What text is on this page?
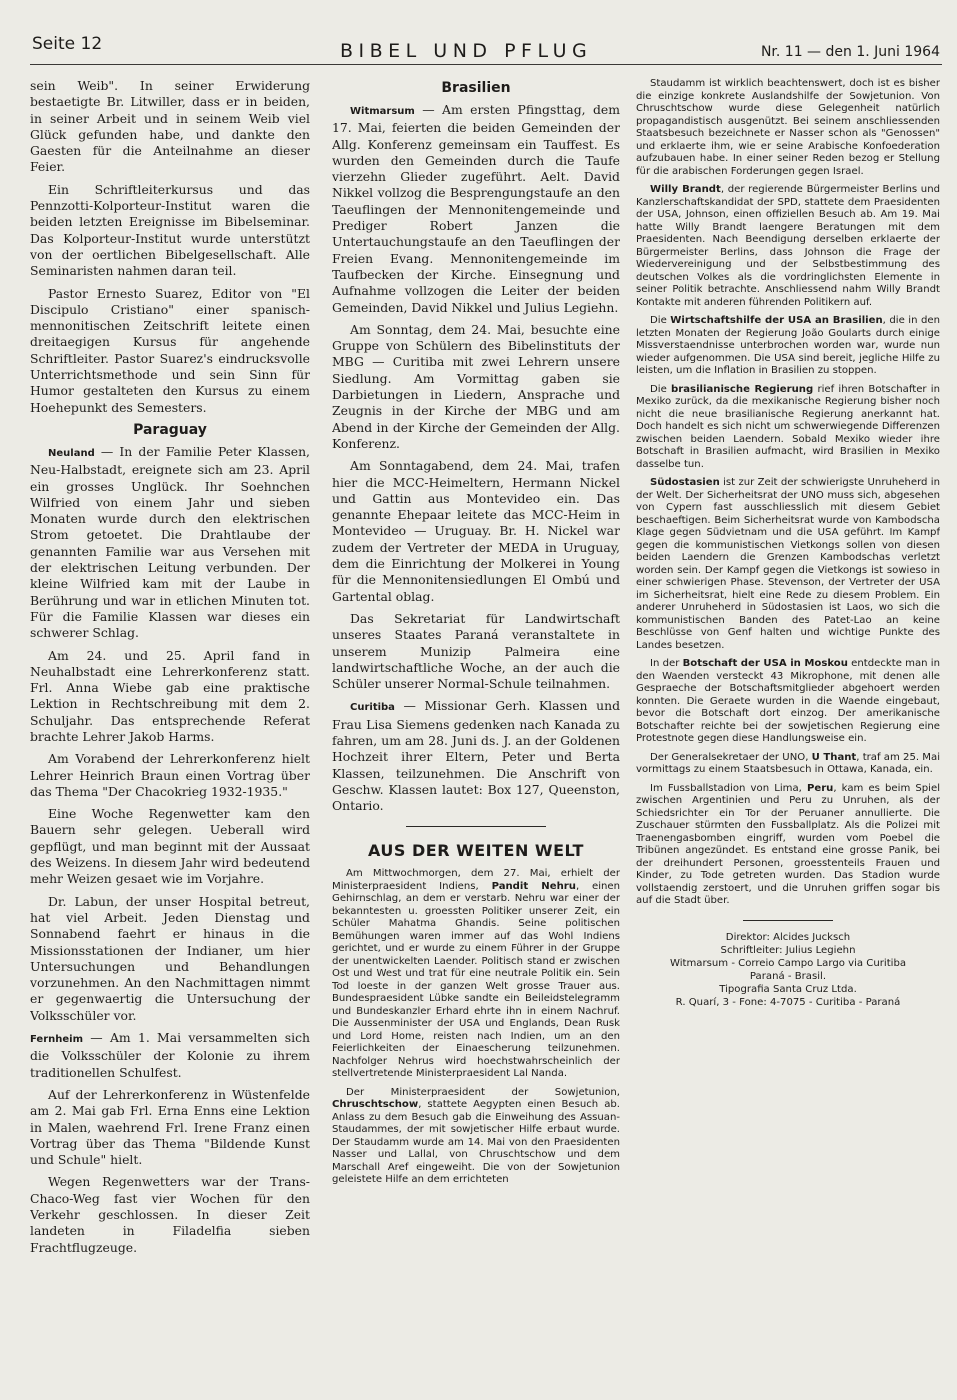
Seite 12	BIBEL UND PFLUG	Nr. 11 — den 1. Juni 1964

sein Weib". In seiner Erwiderung bestaetigte Br. Litwiller, dass er in beiden, in seiner Arbeit und in seinem Weib viel Glück gefunden habe, und dankte den Gaesten für die Anteilnahme an dieser Feier.

Ein Schriftleiterkursus und das Pennzotti-Kolporteur-Institut waren die beiden letzten Ereignisse im Bibelseminar. Das Kolporteur-Institut wurde unterstützt von der oertlichen Bibelgesellschaft. Alle Seminaristen nahmen daran teil.

Pastor Ernesto Suarez, Editor von "El Discipulo Cristiano" einer spanisch-mennonitischen Zeitschrift leitete einen dreitaegigen Kursus für angehende Schriftleiter. Pastor Suarez's eindrucksvolle Unterrichtsmethode und sein Sinn für Humor gestalteten den Kursus zu einem Hoehepunkt des Semesters.

Paraguay

Neuland — In der Familie Peter Klassen, Neu-Halbstadt, ereignete sich am 23. April ein grosses Unglück. Ihr Soehnchen Wilfried von einem Jahr und sieben Monaten wurde durch den elektrischen Strom getoetet. Die Drahtlaube der genannten Familie war aus Versehen mit der elektrischen Leitung verbunden. Der kleine Wilfried kam mit der Laube in Berührung und war in etlichen Minuten tot. Für die Familie Klassen war dieses ein schwerer Schlag.

Am 24. und 25. April fand in Neuhalbstadt eine Lehrerkonferenz statt. Frl. Anna Wiebe gab eine praktische Lektion in Rechtschreibung mit dem 2. Schuljahr. Das entsprechende Referat brachte Lehrer Jakob Harms.

Am Vorabend der Lehrerkonferenz hielt Lehrer Heinrich Braun einen Vortrag über das Thema "Der Chacokrieg 1932-1935."

Eine Woche Regenwetter kam den Bauern sehr gelegen. Ueberall wird gepflügt, und man beginnt mit der Aussaat des Weizens. In diesem Jahr wird bedeutend mehr Weizen gesaet wie im Vorjahre.

Dr. Labun, der unser Hospital betreut, hat viel Arbeit. Jeden Dienstag und Sonnabend faehrt er hinaus in die Missionsstationen der Indianer, um hier Untersuchungen und Behandlungen vorzunehmen. An den Nachmittagen nimmt er gegenwaertig die Untersuchung der Volksschüler vor.

Fernheim — Am 1. Mai versammelten sich die Volksschüler der Kolonie zu ihrem traditionellen Schulfest.

Auf der Lehrerkonferenz in Wüstenfelde am 2. Mai gab Frl. Erna Enns eine Lektion in Malen, waehrend Frl. Irene Franz einen Vortrag über das Thema "Bildende Kunst und Schule" hielt.

Wegen Regenwetters war der Trans-Chaco-Weg fast vier Wochen für den Verkehr geschlossen. In dieser Zeit landeten in Filadelfia sieben Frachtflugzeuge.

Brasilien

Witmarsum — Am ersten Pfingsttag, dem 17. Mai, feierten die beiden Gemeinden der Allg. Konferenz gemeinsam ein Tauffest. Es wurden den Gemeinden durch die Taufe vierzehn Glieder zugeführt. Aelt. David Nikkel vollzog die Besprengungstaufe an den Taeuflingen der Mennonitengemeinde und Prediger Robert Janzen die Untertauchungstaufe an den Taeuflingen der Freien Evang. Mennonitengemeinde im Taufbecken der Kirche. Einsegnung und Aufnahme vollzogen die Leiter der beiden Gemeinden, David Nikkel und Julius Legiehn.

Am Sonntag, dem 24. Mai, besuchte eine Gruppe von Schülern des Bibelinstituts der MBG — Curitiba mit zwei Lehrern unsere Siedlung. Am Vormittag gaben sie Darbietungen in Liedern, Ansprache und Zeugnis in der Kirche der MBG und am Abend in der Kirche der Gemeinden der Allg. Konferenz.

Am Sonntagabend, dem 24. Mai, trafen hier die MCC-Heimeltern, Hermann Nickel und Gattin aus Montevideo ein. Das genannte Ehepaar leitete das MCC-Heim in Montevideo — Uruguay. Br. H. Nickel war zudem der Vertreter der MEDA in Uruguay, dem die Einrichtung der Molkerei in Young für die Mennonitensiedlungen El Ombú und Gartental oblag.

Das Sekretariat für Landwirtschaft unseres Staates Paraná veranstaltete in unserem Munizip Palmeira eine landwirtschaftliche Woche, an der auch die Schüler unserer Normal-Schule teilnahmen.

Curitiba — Missionar Gerh. Klassen und Frau Lisa Siemens gedenken nach Kanada zu fahren, um am 28. Juni ds. J. an der Goldenen Hochzeit ihrer Eltern, Peter und Berta Klassen, teilzunehmen. Die Anschrift von Geschw. Klassen lautet: Box 127, Queenston, Ontario.

AUS DER WEITEN WELT

Am Mittwochmorgen, dem 27. Mai, erhielt der Ministerpraesident Indiens, Pandit Nehru, einen Gehirnschlag, an dem er verstarb. Nehru war einer der bekanntesten u. groessten Politiker unserer Zeit, ein Schüler Mahatma Ghandis. Seine politischen Bemühungen waren immer auf das Wohl Indiens gerichtet, und er wurde zu einem Führer in der Gruppe der unentwickelten Laender. Politisch stand er zwischen Ost und West und trat für eine neutrale Politik ein. Sein Tod loeste in der ganzen Welt grosse Trauer aus. Bundespraesident Lübke sandte ein Beileidstelegramm und Bundeskanzler Erhard ehrte ihn in einem Nachruf. Die Aussenminister der USA und Englands, Dean Rusk und Lord Home, reisten nach Indien, um an den Feierlichkeiten der Einaescherung teilzunehmen. Nachfolger Nehrus wird hoechstwahrscheinlich der stellvertretende Ministerpraesident Lal Nanda.

Der Ministerpraesident der Sowjetunion, Chruschtschow, stattete Aegypten einen Besuch ab. Anlass zu dem Besuch gab die Einweihung des Assuan-Staudammes, der mit sowjetischer Hilfe erbaut wurde. Der Staudamm wurde am 14. Mai von den Praesidenten Nasser und Lallal, von Chruschtschow und dem Marschall Aref eingeweiht. Die von der Sowjetunion geleistete Hilfe an dem errichteten

Staudamm ist wirklich beachtenswert, doch ist es bisher die einzige konkrete Auslandshilfe der Sowjetunion. Von Chruschtschow wurde diese Gelegenheit natürlich propagandistisch ausgenützt. Bei seinem anschliessenden Staatsbesuch bezeichnete er Nasser schon als "Genossen" und erklaerte ihm, wie er seine Arabische Konfoederation aufzubauen habe. In einer seiner Reden bezog er Stellung für die arabischen Forderungen gegen Israel.

Willy Brandt, der regierende Bürgermeister Berlins und Kanzlerschaftskandidat der SPD, stattete dem Praesidenten der USA, Johnson, einen offiziellen Besuch ab. Am 19. Mai hatte Willy Brandt laengere Beratungen mit dem Praesidenten. Nach Beendigung derselben erklaerte der Bürgermeister Berlins, dass Johnson die Frage der Wiedervereinigung und der Selbstbestimmung des deutschen Volkes als die vordringlichsten Elemente in seiner Politik betrachte. Anschliessend nahm Willy Brandt Kontakte mit anderen führenden Politikern auf.

Die Wirtschaftshilfe der USA an Brasilien, die in den letzten Monaten der Regierung João Goularts durch einige Missverstaendnisse unterbrochen worden war, wurde nun wieder aufgenommen. Die USA sind bereit, jegliche Hilfe zu leisten, um die Inflation in Brasilien zu stoppen.

Die brasilianische Regierung rief ihren Botschafter in Mexiko zurück, da die mexikanische Regierung bisher noch nicht die neue brasilianische Regierung anerkannt hat. Doch handelt es sich nicht um schwerwiegende Differenzen zwischen beiden Laendern. Sobald Mexiko wieder ihre Botschaft in Brasilien aufmacht, wird Brasilien in Mexiko dasselbe tun.

Südostasien ist zur Zeit der schwierigste Unruheherd in der Welt. Der Sicherheitsrat der UNO muss sich, abgesehen von Cypern fast ausschliesslich mit diesem Gebiet beschaeftigen. Beim Sicherheitsrat wurde von Kambodscha Klage gegen Südvietnam und die USA geführt. Im Kampf gegen die kommunistischen Vietkongs sollen von diesen beiden Laendern die Grenzen Kambodschas verletzt worden sein. Der Kampf gegen die Vietkongs ist sowieso in einer schwierigen Phase. Stevenson, der Vertreter der USA im Sicherheitsrat, hielt eine Rede zu diesem Problem. Ein anderer Unruheherd in Südostasien ist Laos, wo sich die kommunistischen Banden des Patet-Lao an keine Beschlüsse von Genf halten und wichtige Punkte des Landes besetzen.

In der Botschaft der USA in Moskou entdeckte man in den Waenden versteckt 43 Mikrophone, mit denen alle Gespraeche der Botschaftsmitglieder abgehoert werden konnten. Die Geraete wurden in die Waende eingebaut, bevor die Botschaft dort einzog. Der amerikanische Botschafter reichte bei der sowjetischen Regierung eine Protestnote gegen diese Handlungsweise ein.

Der Generalsekretaer der UNO, U Thant, traf am 25. Mai vormittags zu einem Staatsbesuch in Ottawa, Kanada, ein.

Im Fussballstadion von Lima, Peru, kam es beim Spiel zwischen Argentinien und Peru zu Unruhen, als der Schiedsrichter ein Tor der Peruaner annullierte. Die Zuschauer stürmten den Fussballplatz. Als die Polizei mit Traenengasbomben eingriff, wurden vom Poebel die Tribünen angezündet. Es entstand eine grosse Panik, bei der dreihundert Personen, groesstenteils Frauen und Kinder, zu Tode getreten wurden. Das Stadion wurde vollstaendig zerstoert, und die Unruhen griffen sogar bis auf die Stadt über.

Direktor: Alcides Jucksch
Schriftleiter: Julius Legiehn
Witmarsum - Correio Campo Largo via Curitiba
Paraná - Brasil.
Tipografia Santa Cruz Ltda.
R. Quarí, 3 - Fone: 4-7075 - Curitiba - Paraná
